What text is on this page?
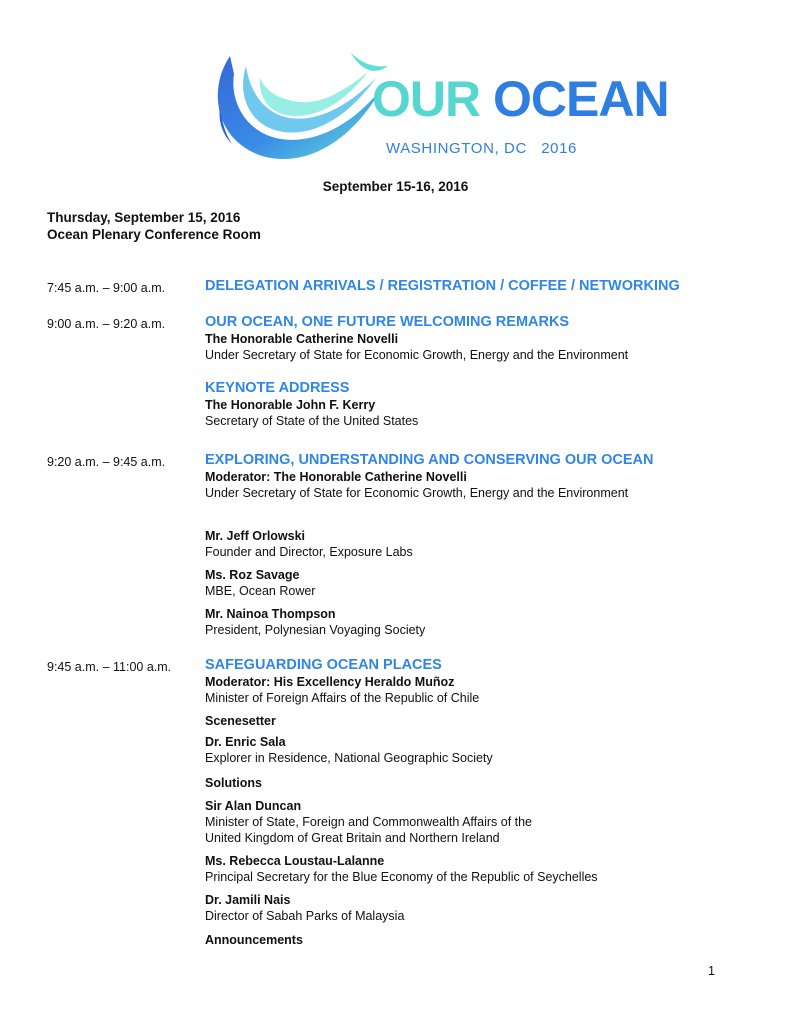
OUR OCEAN
WASHINGTON, DC   2016
September 15-16, 2016
Thursday, September 15, 2016
Ocean Plenary Conference Room
7:45 a.m. – 9:00 a.m.	DELEGATION ARRIVALS / REGISTRATION / COFFEE / NETWORKING
9:00 a.m. – 9:20 a.m.	OUR OCEAN, ONE FUTURE WELCOMING REMARKS
The Honorable Catherine Novelli
Under Secretary of State for Economic Growth, Energy and the Environment
KEYNOTE ADDRESS
The Honorable John F. Kerry
Secretary of State of the United States
9:20 a.m. – 9:45 a.m.	EXPLORING, UNDERSTANDING AND CONSERVING OUR OCEAN
Moderator: The Honorable Catherine Novelli
Under Secretary of State for Economic Growth, Energy and the Environment
Mr. Jeff Orlowski
Founder and Director, Exposure Labs
Ms. Roz Savage
MBE, Ocean Rower
Mr. Nainoa Thompson
President, Polynesian Voyaging Society
9:45 a.m. – 11:00 a.m. SAFEGUARDING OCEAN PLACES
Moderator: His Excellency Heraldo Muñoz
Minister of Foreign Affairs of the Republic of Chile
Scenesetter
Dr. Enric Sala
Explorer in Residence, National Geographic Society
Solutions
Sir Alan Duncan
Minister of State, Foreign and Commonwealth Affairs of the
United Kingdom of Great Britain and Northern Ireland
Ms. Rebecca Loustau-Lalanne
Principal Secretary for the Blue Economy of the Republic of Seychelles
Dr. Jamili Nais
Director of Sabah Parks of Malaysia
Announcements
1
